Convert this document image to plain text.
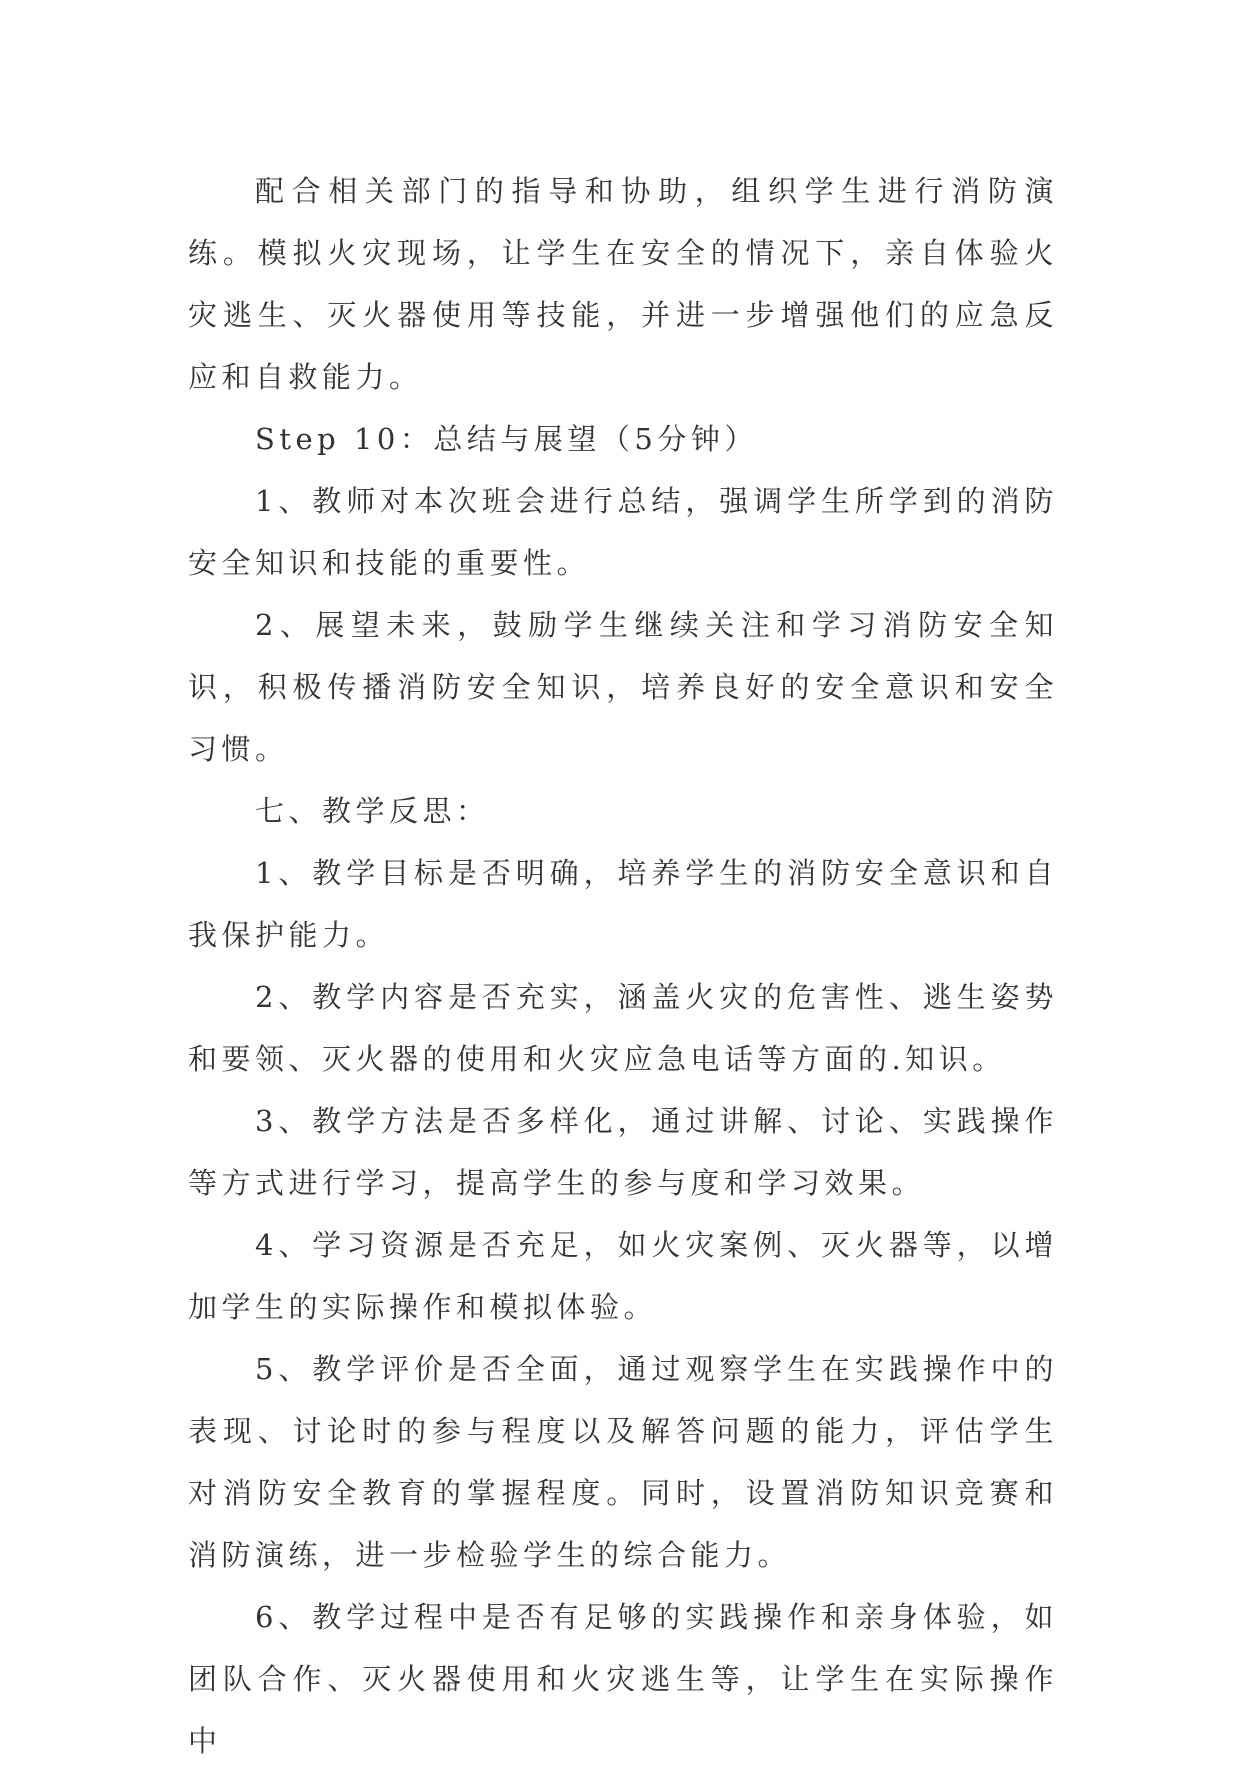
配合相关部门的指导和协助，组织学生进行消防演练。模拟火灾现场，让学生在安全的情况下，亲自体验火灾逃生、灭火器使用等技能，并进一步增强他们的应急反应和自救能力。

Step 10：总结与展望（5分钟）

1、教师对本次班会进行总结，强调学生所学到的消防安全知识和技能的重要性。

2、展望未来，鼓励学生继续关注和学习消防安全知识，积极传播消防安全知识，培养良好的安全意识和安全习惯。

七、教学反思：

1、教学目标是否明确，培养学生的消防安全意识和自我保护能力。

2、教学内容是否充实，涵盖火灾的危害性、逃生姿势和要领、灭火器的使用和火灾应急电话等方面的.知识。

3、教学方法是否多样化，通过讲解、讨论、实践操作等方式进行学习，提高学生的参与度和学习效果。

4、学习资源是否充足，如火灾案例、灭火器等，以增加学生的实际操作和模拟体验。

5、教学评价是否全面，通过观察学生在实践操作中的表现、讨论时的参与程度以及解答问题的能力，评估学生对消防安全教育的掌握程度。同时，设置消防知识竞赛和消防演练，进一步检验学生的综合能力。

6、教学过程中是否有足够的实践操作和亲身体验，如团队合作、灭火器使用和火灾逃生等，让学生在实际操作中
